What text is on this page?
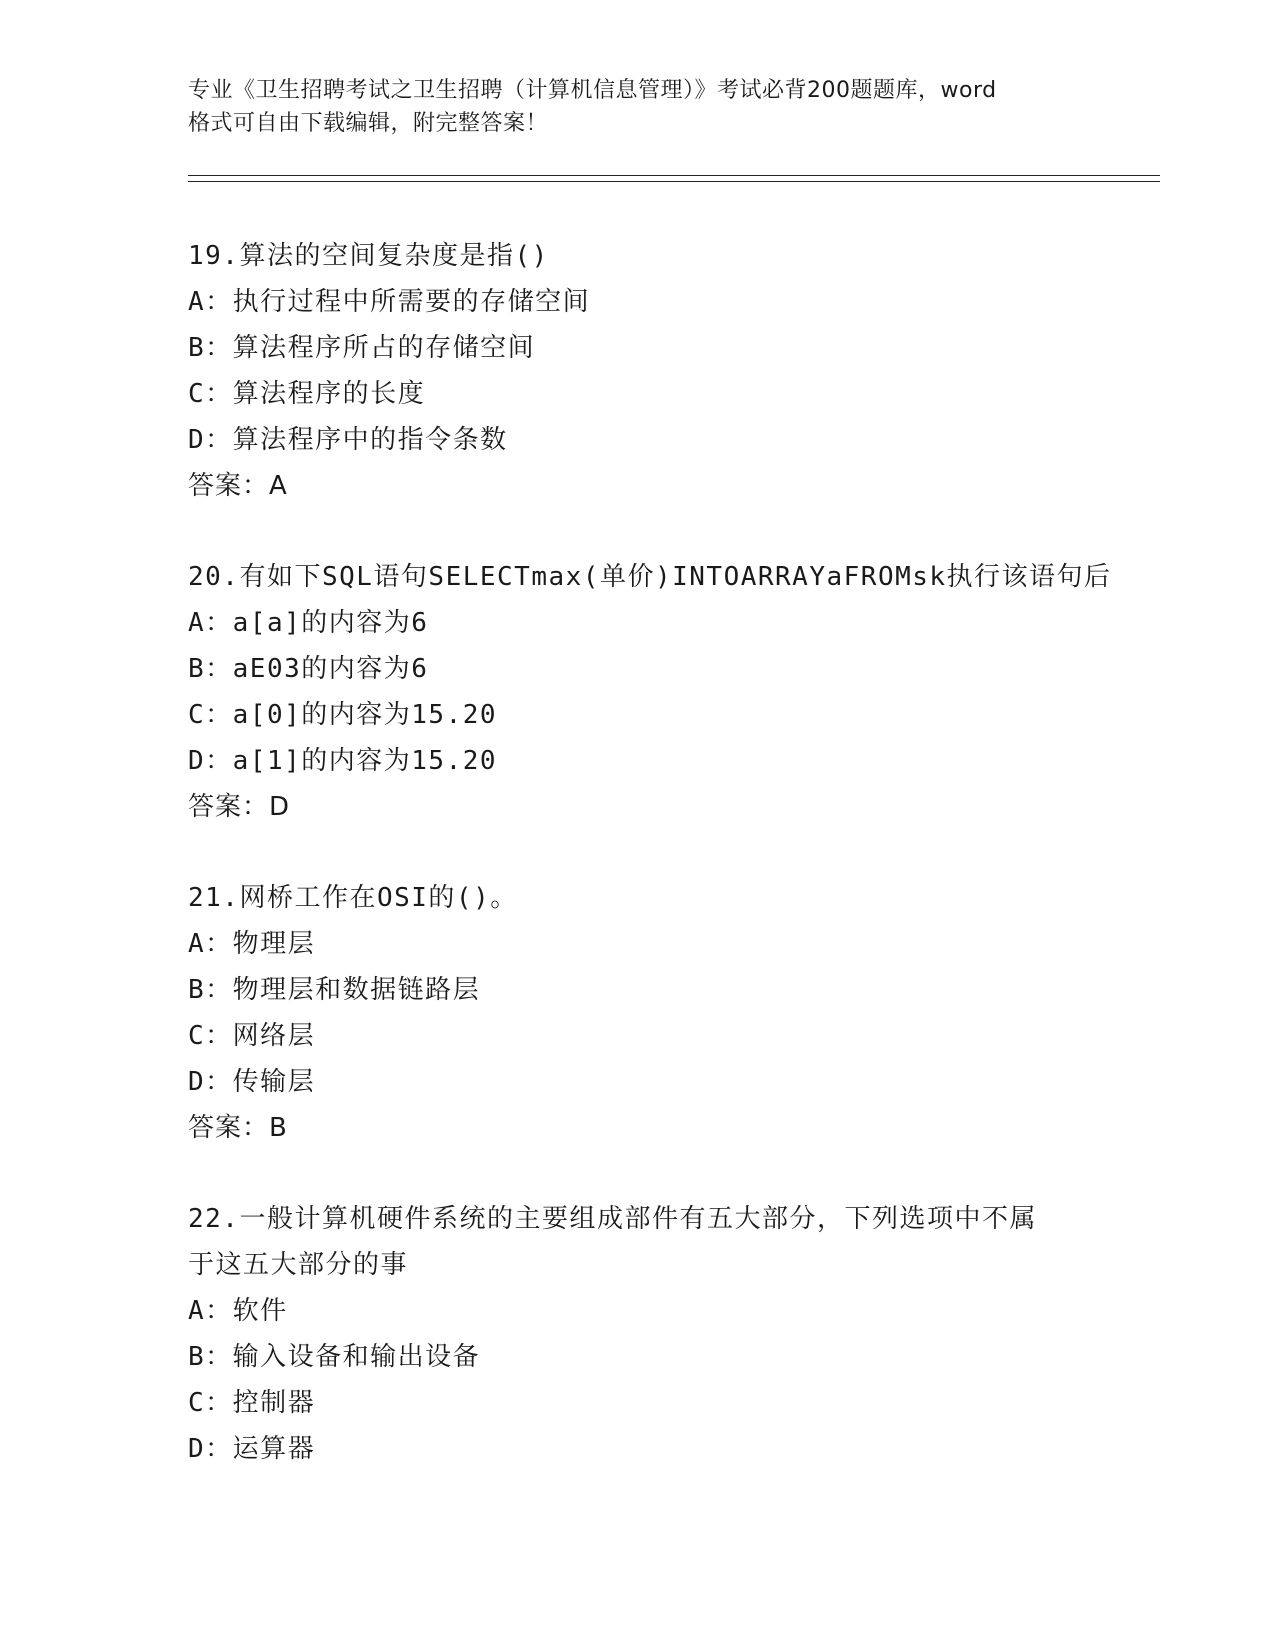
专业《卫生招聘考试之卫生招聘（计算机信息管理）》考试必背200题题库，word
格式可自由下载编辑，附完整答案！
19.算法的空间复杂度是指()
A：执行过程中所需要的存储空间
B：算法程序所占的存储空间
C：算法程序的长度
D：算法程序中的指令条数
答案：A
20.有如下SQL语句SELECTmax(单价)INTOARRAYaFROMsk执行该语句后
A：a[a]的内容为6
B：aE03的内容为6
C：a[0]的内容为15.20
D：a[1]的内容为15.20
答案：D
21.网桥工作在OSI的()。
A：物理层
B：物理层和数据链路层
C：网络层
D：传输层
答案：B
22.一般计算机硬件系统的主要组成部件有五大部分，下列选项中不属
于这五大部分的事
A：软件
B：输入设备和输出设备
C：控制器
D：运算器
